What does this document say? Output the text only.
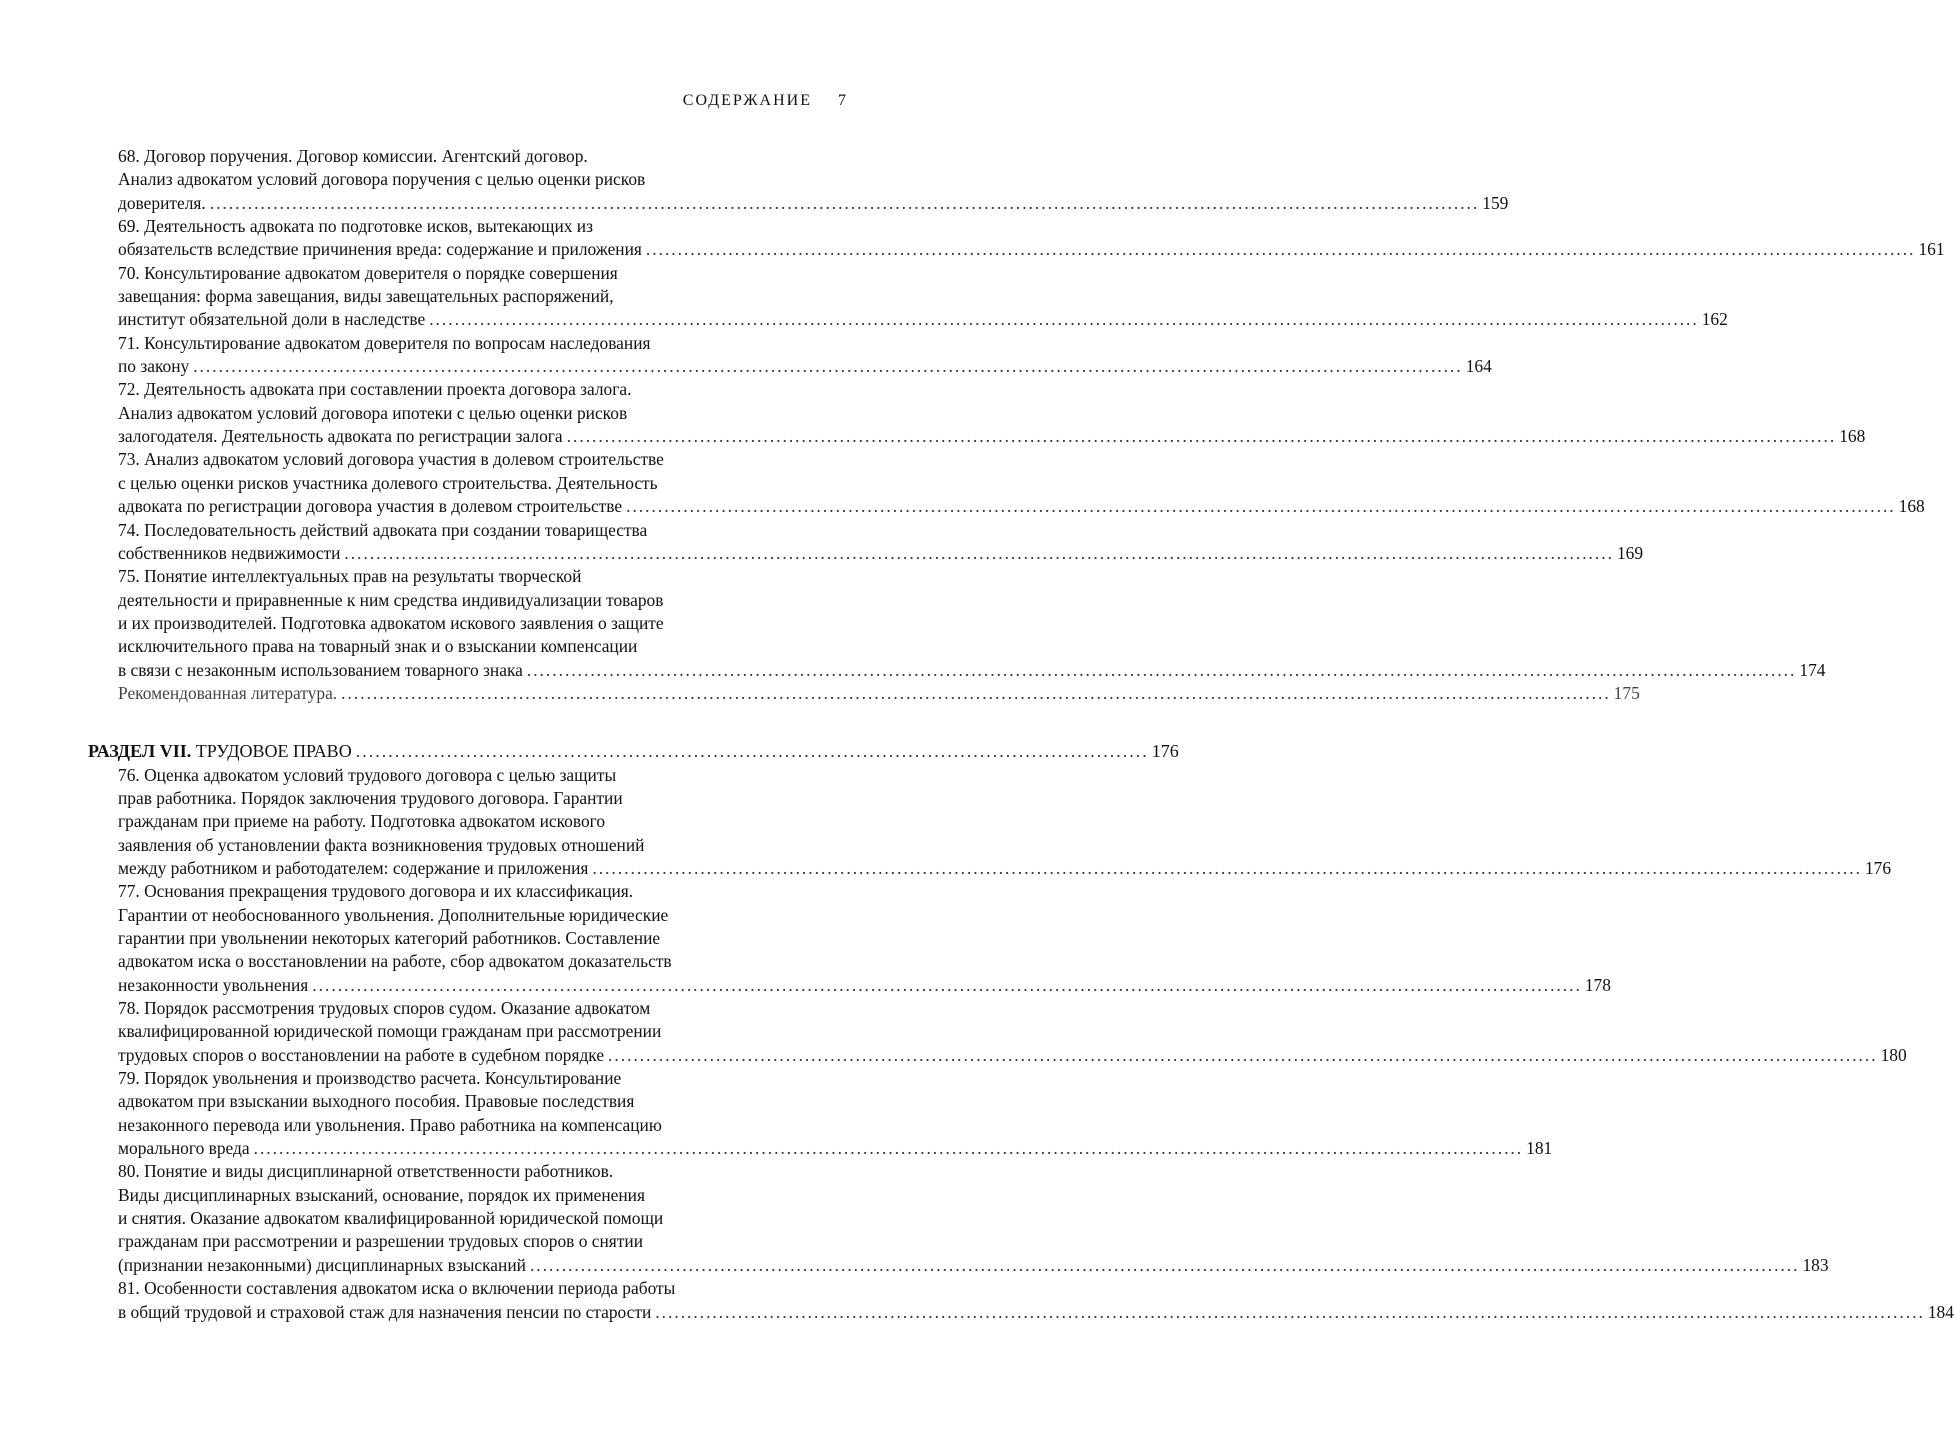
СОДЕРЖАНИЕ 7
68. Договор поручения. Договор комиссии. Агентский договор.
Анализ адвокатом условий договора поручения с целью оценки рисков
доверителя. ........................................................................................................................................................................................................ 159
69. Деятельность адвоката по подготовке исков, вытекающих из
обязательств вследствие причинения вреда: содержание и приложения ........................................................................................................................................................................................................ 161
70. Консультирование адвокатом доверителя о порядке совершения
завещания: форма завещания, виды завещательных распоряжений,
институт обязательной доли в наследстве ........................................................................................................................................................................................................ 162
71. Консультирование адвокатом доверителя по вопросам наследования
по закону ........................................................................................................................................................................................................ 164
72. Деятельность адвоката при составлении проекта договора залога.
Анализ адвокатом условий договора ипотеки с целью оценки рисков
залогодателя. Деятельность адвоката по регистрации залога ........................................................................................................................................................................................................ 168
73. Анализ адвокатом условий договора участия в долевом строительстве
с целью оценки рисков участника долевого строительства. Деятельность
адвоката по регистрации договора участия в долевом строительстве ........................................................................................................................................................................................................ 168
74. Последовательность действий адвоката при создании товарищества
собственников недвижимости ........................................................................................................................................................................................................ 169
75. Понятие интеллектуальных прав на результаты творческой
деятельности и приравненные к ним средства индивидуализации товаров
и их производителей. Подготовка адвокатом искового заявления о защите
исключительного права на товарный знак и о взыскании компенсации
в связи с незаконным использованием товарного знака ........................................................................................................................................................................................................ 174
Рекомендованная литература. ........................................................................................................................................................................................................ 175
РАЗДЕЛ VII. ТРУДОВОЕ ПРАВО .......................................................................................................................... 176
76. Оценка адвокатом условий трудового договора с целью защиты
прав работника. Порядок заключения трудового договора. Гарантии
гражданам при приеме на работу. Подготовка адвокатом искового
заявления об установлении факта возникновения трудовых отношений
между работником и работодателем: содержание и приложения ........................................................................................................................................................................................................ 176
77. Основания прекращения трудового договора и их классификация.
Гарантии от необоснованного увольнения. Дополнительные юридические
гарантии при увольнении некоторых категорий работников. Составление
адвокатом иска о восстановлении на работе, сбор адвокатом доказательств
незаконности увольнения ........................................................................................................................................................................................................ 178
78. Порядок рассмотрения трудовых споров судом. Оказание адвокатом
квалифицированной юридической помощи гражданам при рассмотрении
трудовых споров о восстановлении на работе в судебном порядке ........................................................................................................................................................................................................ 180
79. Порядок увольнения и производство расчета. Консультирование
адвокатом при взыскании выходного пособия. Правовые последствия
незаконного перевода или увольнения. Право работника на компенсацию
морального вреда ........................................................................................................................................................................................................ 181
80. Понятие и виды дисциплинарной ответственности работников.
Виды дисциплинарных взысканий, основание, порядок их применения
и снятия. Оказание адвокатом квалифицированной юридической помощи
гражданам при рассмотрении и разрешении трудовых споров о снятии
(признании незаконными) дисциплинарных взысканий ........................................................................................................................................................................................................ 183
81. Особенности составления адвокатом иска о включении периода работы
в общий трудовой и страховой стаж для назначения пенсии по старости ........................................................................................................................................................................................................ 184
